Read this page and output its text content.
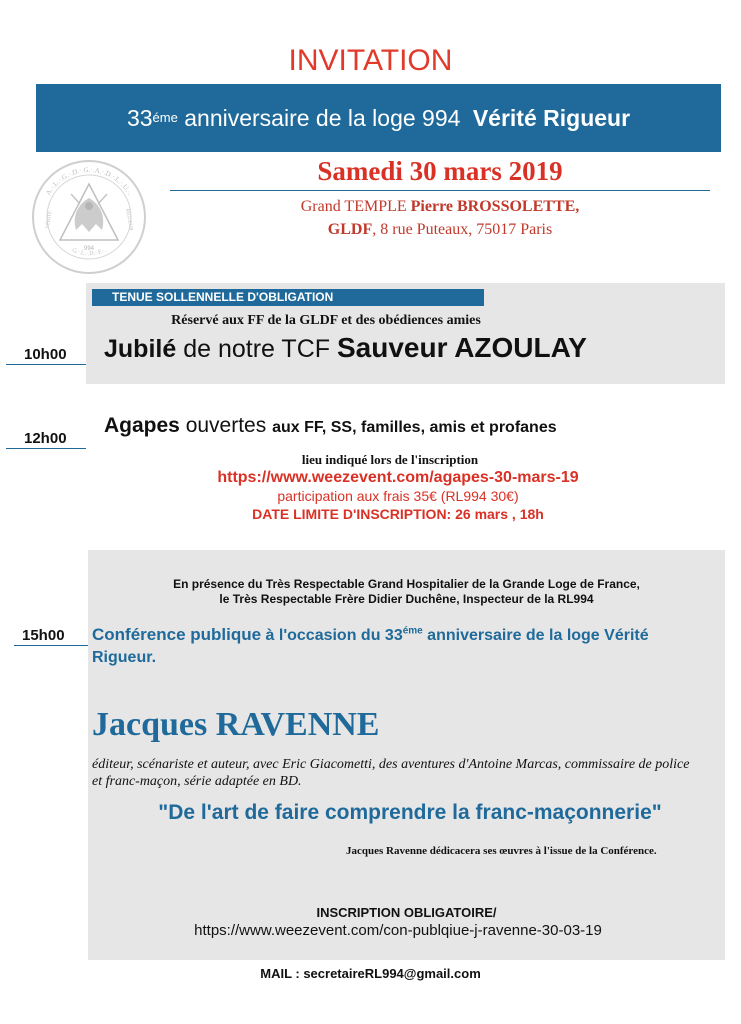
INVITATION
33 éme anniversaire de la loge 994 Vérité Rigueur
A.·.L.·.G.·.D.·.G.·.A.·.D.·.L.·.U.·.
G.·.L.·.D.·.F.·.
VÉRITÉ	RIGUEUR
994
Samedi 30 mars 2019
Grand TEMPLE Pierre BROSSOLETTE,
GLDF, 8 rue Puteaux, 75017 Paris
TENUE SOLLENNELLE D'OBLIGATION
Réservé aux FF de la GLDF et des obédiences amies
10h00 Jubilé de notre TCF Sauveur AZOULAY
12h00
Agapes ouvertes aux FF, SS, familles, amis et profanes
lieu indiqué lors de l'inscription
https://www.weezevent.com/agapes-30-mars-19
participation aux frais 35€ (RL994 30€)
DATE LIMITE D'INSCRIPTION: 26 mars , 18h
En présence du Très Respectable Grand Hospitalier de la Grande Loge de France,
le Très Respectable Frère Didier Duchêne, Inspecteur de la RL994
15h00 Conférence publique à l'occasion du $33^{éme}$ anniversaire de la loge Vérité Rigueur.
Jacques RAVENNE
éditeur, scénariste et auteur, avec Eric Giacometti, des aventures d'Antoine Marcas, commissaire de police et franc-maçon, série adaptée en BD.
"De l'art de faire comprendre la franc-maçonnerie"
Jacques Ravenne dédicacera ses œuvres à l'issue de la Conférence.
INSCRIPTION OBLIGATOIRE/
https://www.weezevent.com/con-publqiue-j-ravenne-30-03-19
MAIL : secretaireRL994@gmail.com
